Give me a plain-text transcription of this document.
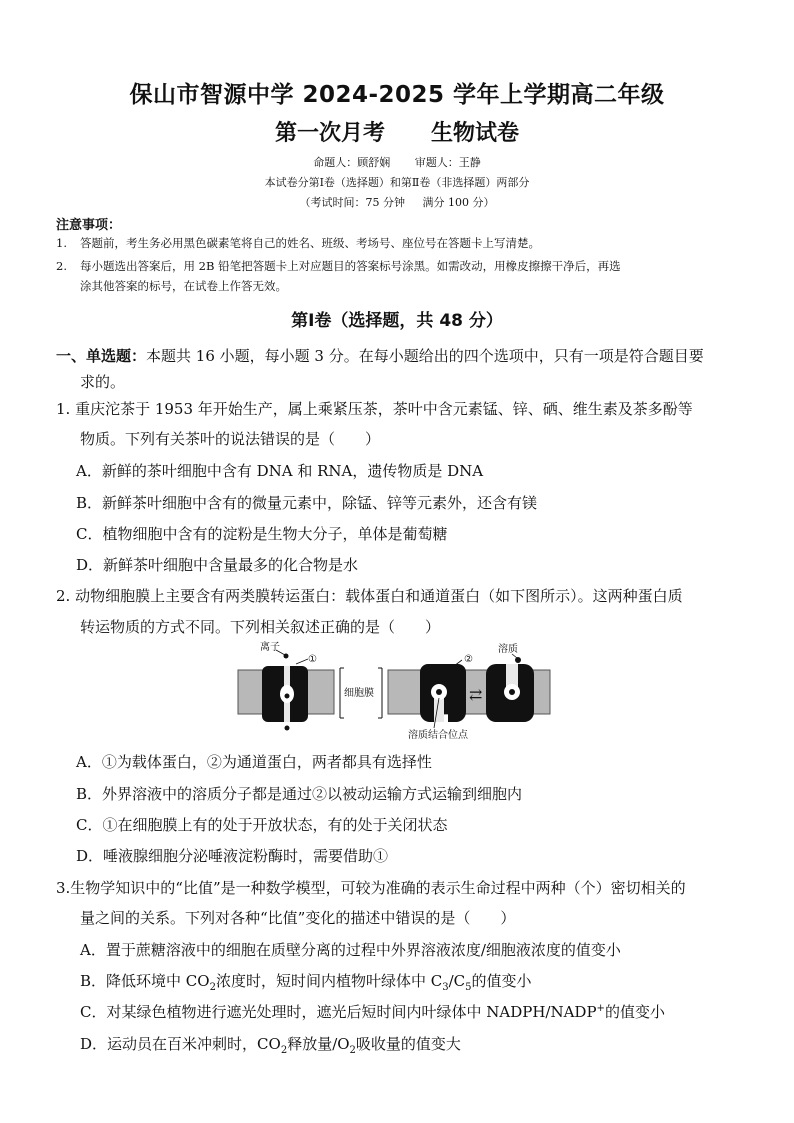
保山市智源中学 2024-2025 学年上学期高二年级
第一次月考      生物试卷
命题人：顾舒娴       审题人：王静
本试卷分第Ⅰ卷（选择题）和第Ⅱ卷（非选择题）两部分
（考试时间：75 分钟     满分 100 分）
注意事项：
1.	答题前，考生务必用黑色碳素笔将自己的姓名、班级、考场号、座位号在答题卡上写清楚。
2.	每小题选出答案后，用 2B 铅笔把答题卡上对应题目的答案标号涂黑。如需改动，用橡皮擦擦干净后，再选
涂其他答案的标号，在试卷上作答无效。
第Ⅰ卷（选择题，共 48 分）
一、单选题：本题共 16 小题，每小题 3 分。在每小题给出的四个选项中，只有一项是符合题目要
求的。
1. 重庆沱茶于 1953 年开始生产，属上乘紧压茶，茶叶中含元素锰、锌、硒、维生素及茶多酚等
物质。下列有关茶叶的说法错误的是（　　）
A．新鲜的茶叶细胞中含有 DNA 和 RNA，遗传物质是 DNA
B．新鲜茶叶细胞中含有的微量元素中，除锰、锌等元素外，还含有镁
C．植物细胞中含有的淀粉是生物大分子，单体是葡萄糖
D．新鲜茶叶细胞中含量最多的化合物是水
2. 动物细胞膜上主要含有两类膜转运蛋白：载体蛋白和通道蛋白（如下图所示）。这两种蛋白质
转运物质的方式不同。下列相关叙述正确的是（　　）
离子
①
细胞膜
②
⇄
溶质
溶质结合位点
A．①为载体蛋白，②为通道蛋白，两者都具有选择性
B．外界溶液中的溶质分子都是通过②以被动运输方式运输到细胞内
C．①在细胞膜上有的处于开放状态，有的处于关闭状态
D．唾液腺细胞分泌唾液淀粉酶时，需要借助①
3.生物学知识中的“比值”是一种数学模型，可较为准确的表示生命过程中两种（个）密切相关的
量之间的关系。下列对各种“比值”变化的描述中错误的是（　　）
A．置于蔗糖溶液中的细胞在质壁分离的过程中外界溶液浓度/细胞液浓度的值变小
B．降低环境中 $CO_2$浓度时，短时间内植物叶绿体中 $C_3/C_5$的值变小
C．对某绿色植物进行遮光处理时，遮光后短时间内叶绿体中 NADPH/NADP+的值变小
D．运动员在百米冲刺时，$CO_2$释放量$/O_2$吸收量的值变大
